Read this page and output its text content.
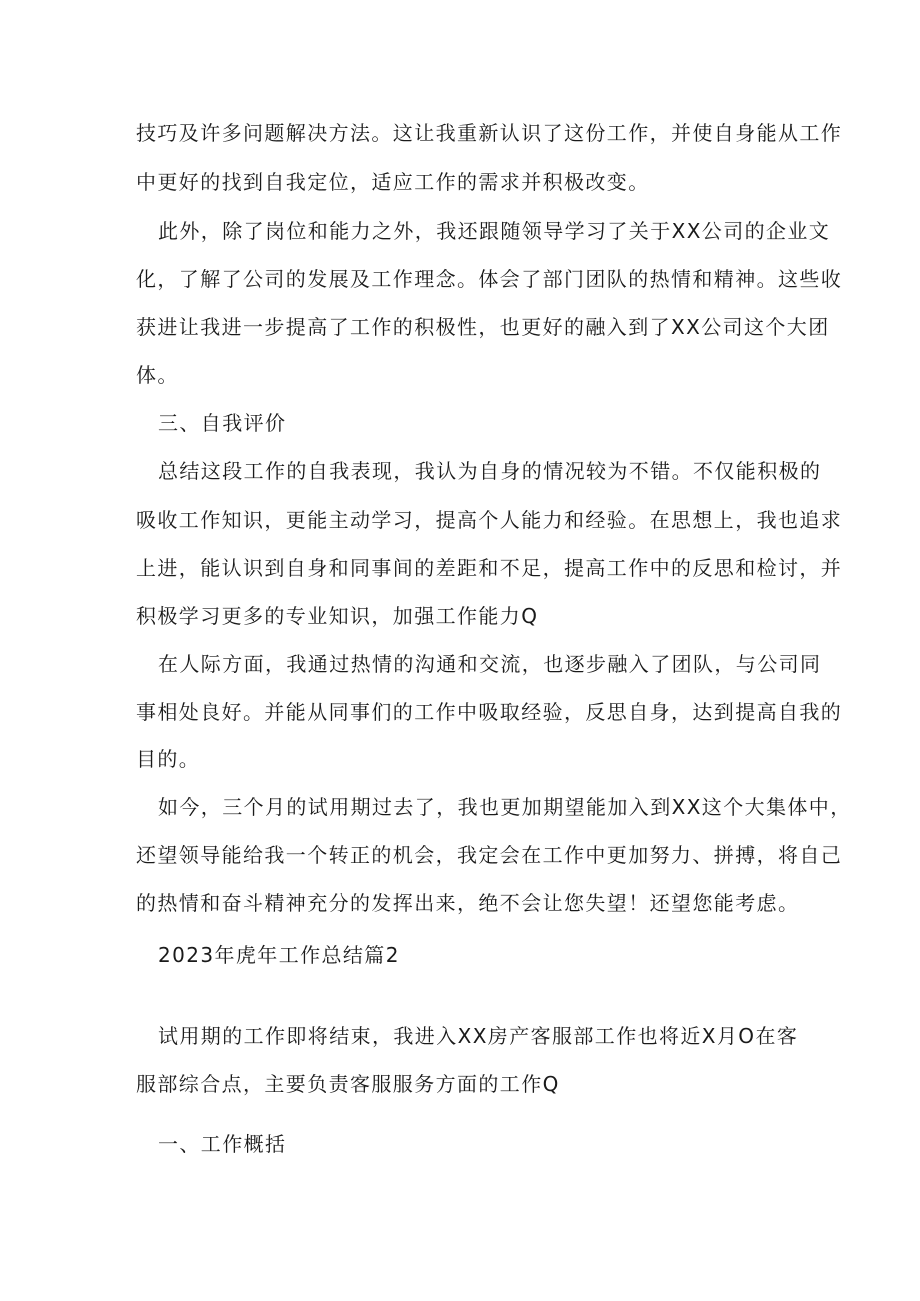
技巧及许多问题解决方法。这让我重新认识了这份工作，并使自身能从工作
中更好的找到自我定位，适应工作的需求并积极改变。
此外，除了岗位和能力之外，我还跟随领导学习了关于XX公司的企业文
化，了解了公司的发展及工作理念。体会了部门团队的热情和精神。这些收
获进让我进一步提高了工作的积极性，也更好的融入到了XX公司这个大团
体。
三、自我评价
总结这段工作的自我表现，我认为自身的情况较为不错。不仅能积极的
吸收工作知识，更能主动学习，提高个人能力和经验。在思想上，我也追求
上进，能认识到自身和同事间的差距和不足，提高工作中的反思和检讨，并
积极学习更多的专业知识，加强工作能力Q
在人际方面，我通过热情的沟通和交流，也逐步融入了团队，与公司同
事相处良好。并能从同事们的工作中吸取经验，反思自身，达到提高自我的
目的。
如今，三个月的试用期过去了，我也更加期望能加入到XX这个大集体中，
还望领导能给我一个转正的机会，我定会在工作中更加努力、拼搏，将自己
的热情和奋斗精神充分的发挥出来，绝不会让您失望！还望您能考虑。
2023年虎年工作总结篇2
试用期的工作即将结束，我进入XX房产客服部工作也将近X月O在客
服部综合点，主要负责客服服务方面的工作Q
一、工作概括
